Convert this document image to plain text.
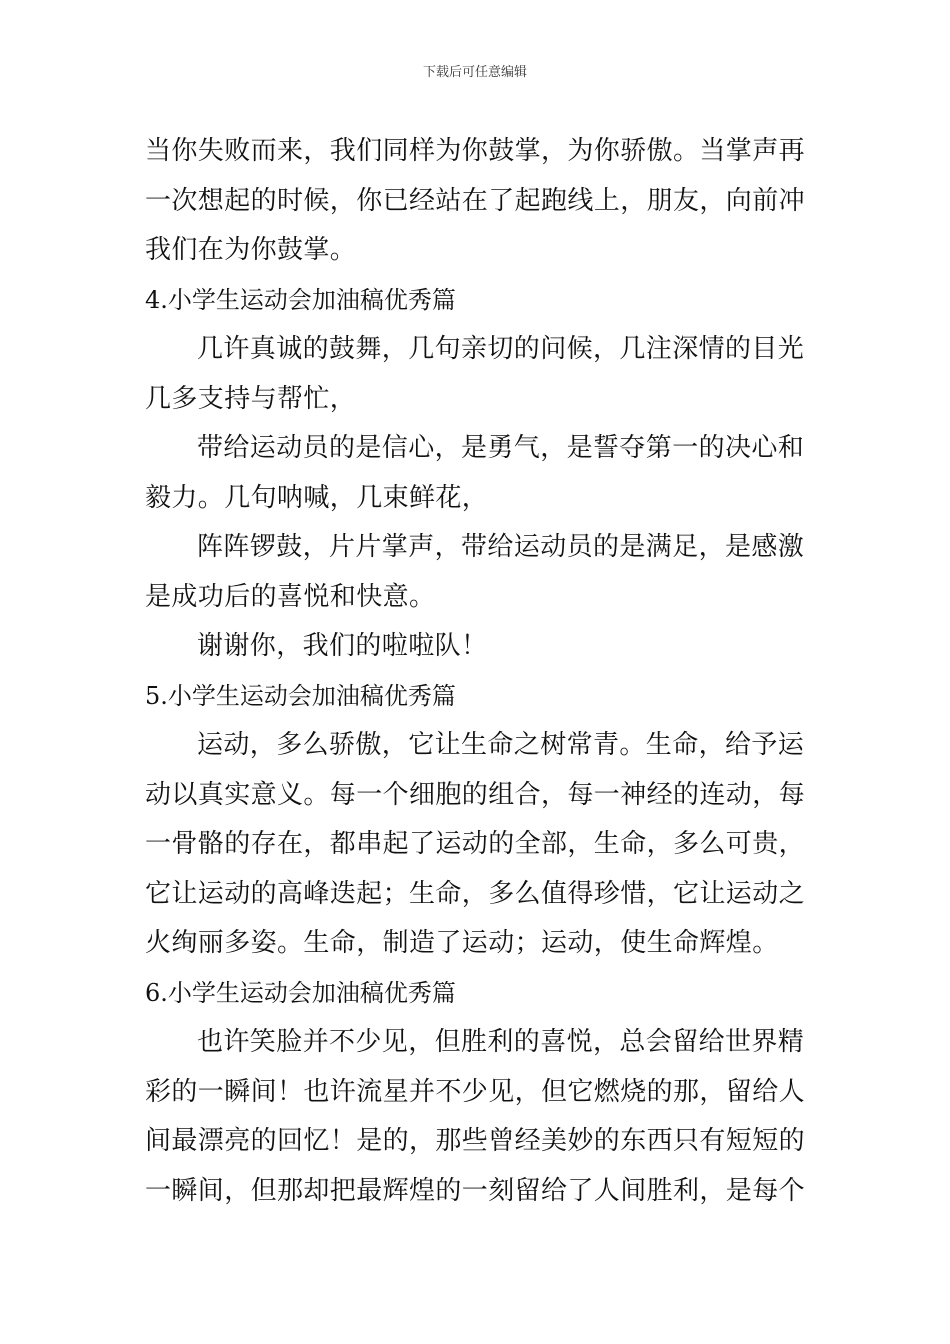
下载后可任意编辑
当你失败而来，我们同样为你鼓掌，为你骄傲。当掌声再
一次想起的时候，你已经站在了起跑线上，朋友，向前冲
我们在为你鼓掌。
4.小学生运动会加油稿优秀篇
几许真诚的鼓舞，几句亲切的问候，几注深情的目光
几多支持与帮忙，
带给运动员的是信心，是勇气，是誓夺第一的决心和
毅力。几句呐喊，几束鲜花，
阵阵锣鼓，片片掌声，带给运动员的是满足，是感激
是成功后的喜悦和快意。
谢谢你，我们的啦啦队！
5.小学生运动会加油稿优秀篇
运动，多么骄傲，它让生命之树常青。生命，给予运
动以真实意义。每一个细胞的组合，每一神经的连动，每
一骨骼的存在，都串起了运动的全部，生命，多么可贵，
它让运动的高峰迭起；生命，多么值得珍惜，它让运动之
火绚丽多姿。生命，制造了运动；运动，使生命辉煌。
6.小学生运动会加油稿优秀篇
也许笑脸并不少见，但胜利的喜悦，总会留给世界精
彩的一瞬间！也许流星并不少见，但它燃烧的那，留给人
间最漂亮的回忆！是的，那些曾经美妙的东西只有短短的
一瞬间，但那却把最辉煌的一刻留给了人间胜利，是每个
